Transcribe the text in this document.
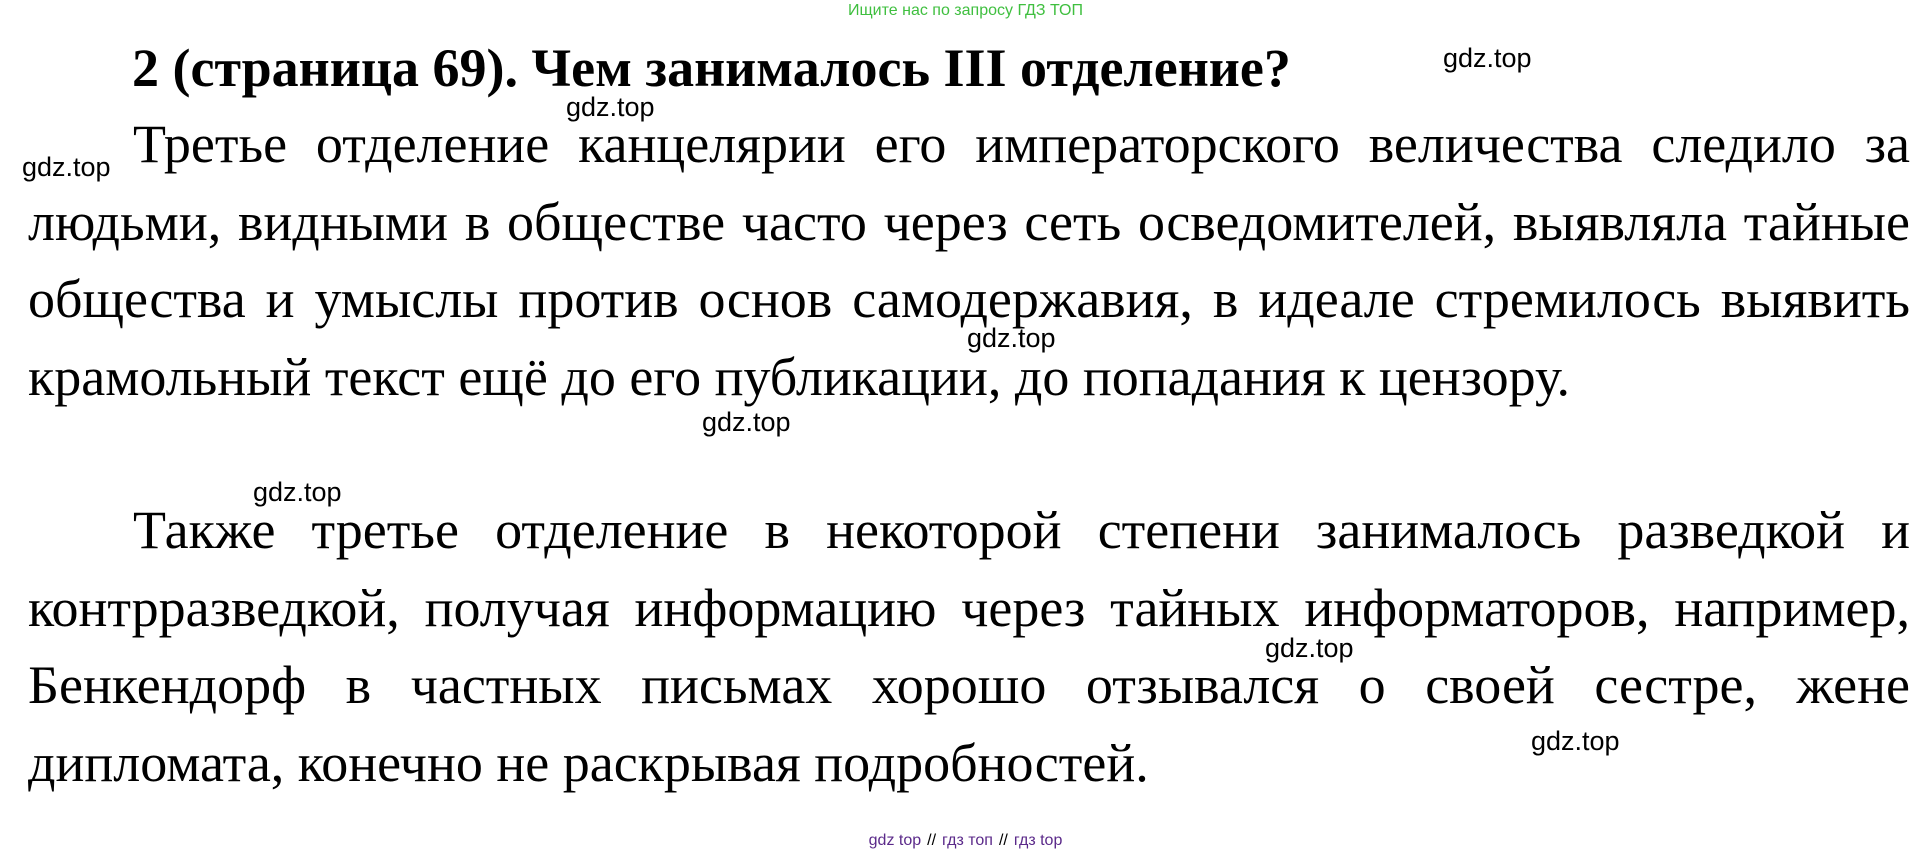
Ищите нас по запросу ГДЗ ТОП
2 (страница 69). Чем занималось III отделение?

Третье отделение канцелярии его императорского величества следило за людьми, видными в обществе часто через сеть осведомителей, выявляла тайные общества и умыслы против основ самодержавия, в идеале стремилось выявить крамольный текст ещё до его публикации, до попадания к цензору.

Также третье отделение в некоторой степени занималось разведкой и контрразведкой, получая информацию через тайных информаторов, например, Бенкендорф в частных письмах хорошо отзывался о своей сестре, жене дипломата, конечно не раскрывая подробностей.

gdz.top
gdz.top
gdz.top
gdz.top
gdz.top
gdz.top
gdz.top
gdz.top
gdz top // гдз топ // гдз top
